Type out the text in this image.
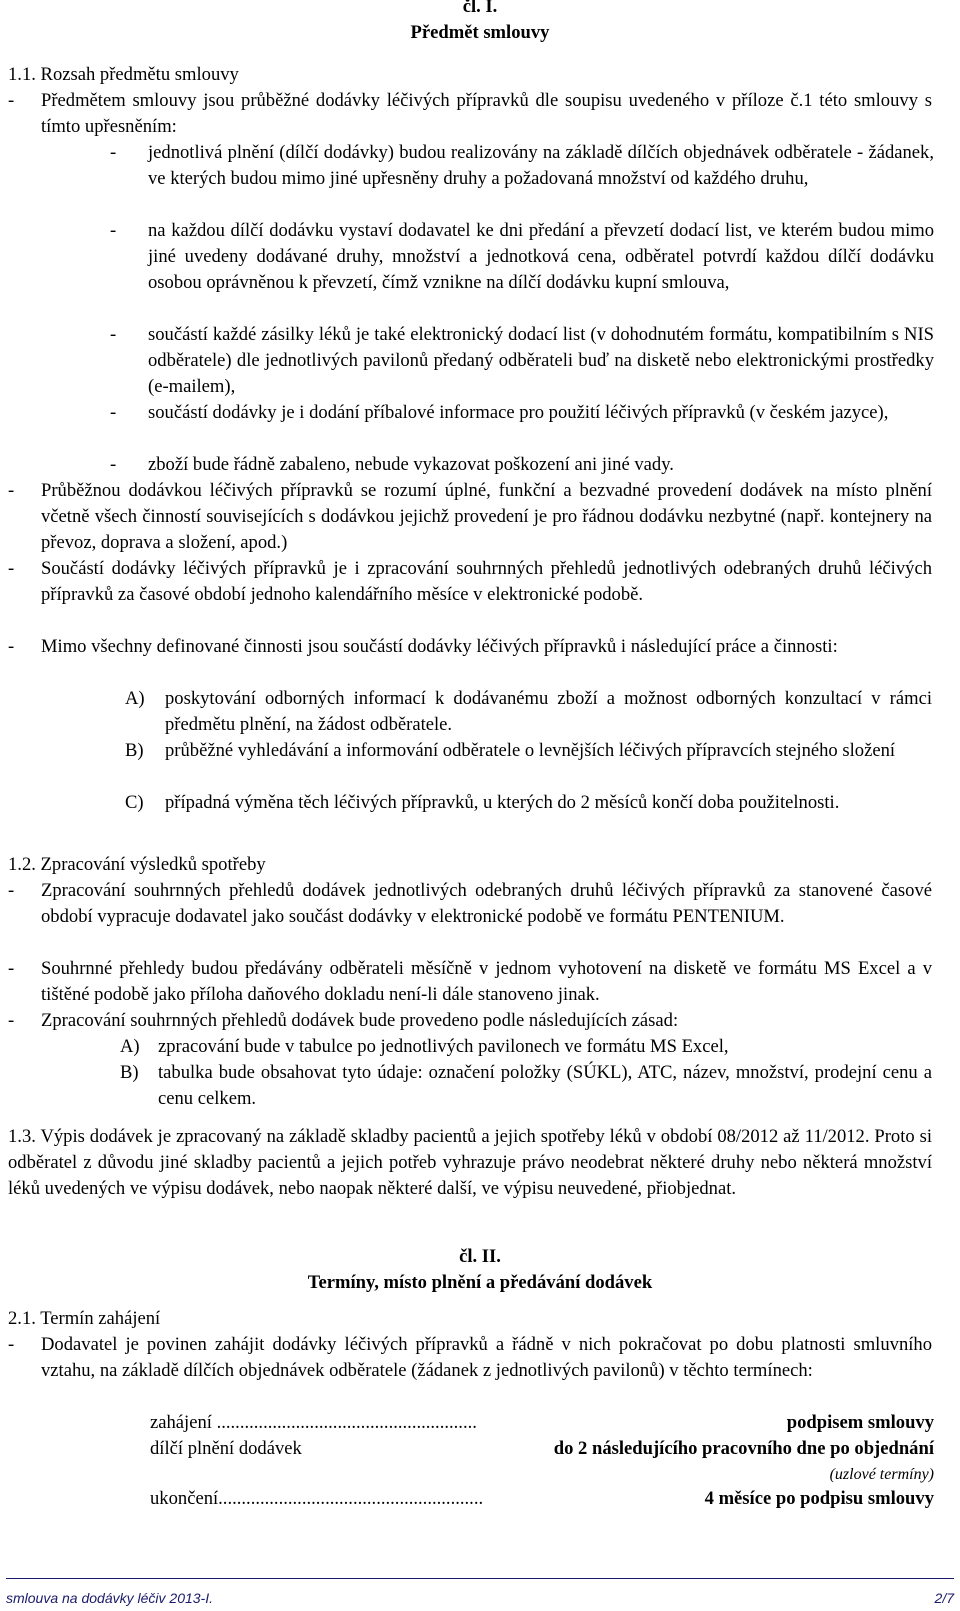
čl. I.
Předmět smlouvy
1.1. Rozsah předmětu smlouvy
- Předmětem smlouvy jsou průběžné dodávky léčivých přípravků dle soupisu uvedeného v příloze č.1 této smlouvy s tímto upřesněním:
- jednotlivá plnění (dílčí dodávky) budou realizovány na základě dílčích objednávek odběratele - žádanek, ve kterých budou mimo jiné upřesněny druhy a požadovaná množství od každého druhu,
- na každou dílčí dodávku vystaví dodavatel ke dni předání a převzetí dodací list, ve kterém budou mimo jiné uvedeny dodávané druhy, množství a jednotková cena, odběratel potvrdí každou dílčí dodávku osobou oprávněnou k převzetí, čímž vznikne na dílčí dodávku kupní smlouva,
- součástí každé zásilky léků je také elektronický dodací list (v dohodnutém formátu, kompatibilním s NIS odběratele) dle jednotlivých pavilonů předaný odběrateli buď na disketě nebo elektronickými prostředky (e-mailem),
- součástí dodávky je i dodání příbalové informace pro použití léčivých přípravků (v českém jazyce),
- zboží bude řádně zabaleno, nebude vykazovat poškození ani jiné vady.
- Průběžnou dodávkou léčivých přípravků se rozumí úplné, funkční a bezvadné provedení dodávek na místo plnění včetně všech činností souvisejících s dodávkou jejichž provedení je pro řádnou dodávku nezbytné (např. kontejnery na převoz, doprava a složení, apod.)
- Součástí dodávky léčivých přípravků je i zpracování souhrnných přehledů jednotlivých odebraných druhů léčivých přípravků za časové období jednoho kalendářního měsíce v elektronické podobě.
- Mimo všechny definované činnosti jsou součástí dodávky léčivých přípravků i následující práce a činnosti:
A) poskytování odborných informací k dodávanému zboží a možnost odborných konzultací v rámci předmětu plnění, na žádost odběratele.
B) průběžné vyhledávání a informování odběratele o levnějších léčivých přípravcích stejného složení
C) případná výměna těch léčivých přípravků, u kterých do 2 měsíců končí doba použitelnosti.
1.2. Zpracování výsledků spotřeby
- Zpracování souhrnných přehledů dodávek jednotlivých odebraných druhů léčivých přípravků za stanovené časové období vypracuje dodavatel jako součást dodávky v elektronické podobě ve formátu PENTENIUM.
- Souhrnné přehledy budou předávány odběrateli měsíčně v jednom vyhotovení na disketě ve formátu MS Excel a v tištěné podobě jako příloha daňového dokladu není-li dále stanoveno jinak.
- Zpracování souhrnných přehledů dodávek bude provedeno podle následujících zásad:
A) zpracování bude v tabulce po jednotlivých pavilonech ve formátu MS Excel,
B) tabulka bude obsahovat tyto údaje: označení položky (SÚKL), ATC, název, množství, prodejní cenu a cenu celkem.
1.3. Výpis dodávek je zpracovaný na základě skladby pacientů a jejich spotřeby léků v období 08/2012 až 11/2012. Proto si odběratel z důvodu jiné skladby pacientů a jejich potřeb vyhrazuje právo neodebrat některé druhy nebo některá množství léků uvedených ve výpisu dodávek, nebo naopak některé další, ve výpisu neuvedené, přiobjednat.
čl. II.
Termíny, místo plnění a předávání dodávek
2.1. Termín zahájení
- Dodavatel je povinen zahájit dodávky léčivých přípravků a řádně v nich pokračovat po dobu platnosti smluvního vztahu, na základě dílčích objednávek odběratele (žádanek z jednotlivých pavilonů) v těchto termínech:
zahájení ........................................................	podpisem smlouvy
dílčí plnění dodávek	do 2 následujícího pracovního dne po objednání
(uzlové termíny)
ukončení.........................................................	4 měsíce po podpisu smlouvy
smlouva na dodávky léčiv 2013-I.	2/7
